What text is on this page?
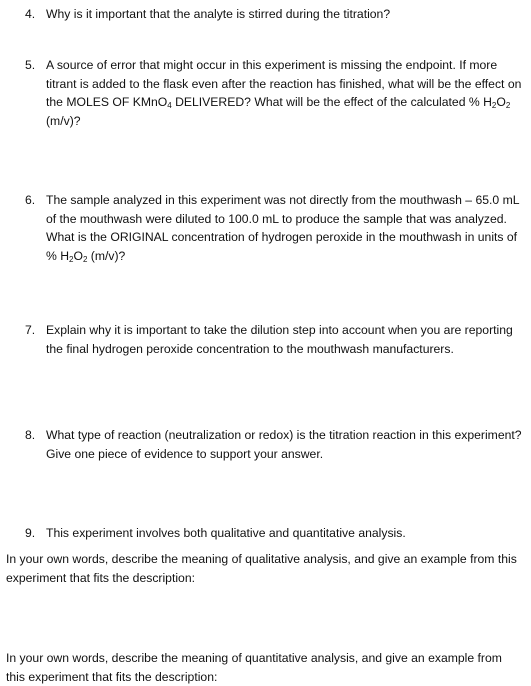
4. Why is it important that the analyte is stirred during the titration?
5. A source of error that might occur in this experiment is missing the endpoint. If more titrant is added to the flask even after the reaction has finished, what will be the effect on the MOLES OF KMnO$_4$ DELIVERED? What will be the effect of the calculated % $H_2O_2$ (m/v)?
6. The sample analyzed in this experiment was not directly from the mouthwash – 65.0 mL of the mouthwash were diluted to 100.0 mL to produce the sample that was analyzed. What is the ORIGINAL concentration of hydrogen peroxide in the mouthwash in units of % $H_2O_2$ (m/v)?
7. Explain why it is important to take the dilution step into account when you are reporting the final hydrogen peroxide concentration to the mouthwash manufacturers.
8. What type of reaction (neutralization or redox) is the titration reaction in this experiment? Give one piece of evidence to support your answer.
9. This experiment involves both qualitative and quantitative analysis.
In your own words, describe the meaning of qualitative analysis, and give an example from this experiment that fits the description:
In your own words, describe the meaning of quantitative analysis, and give an example from this experiment that fits the description:
